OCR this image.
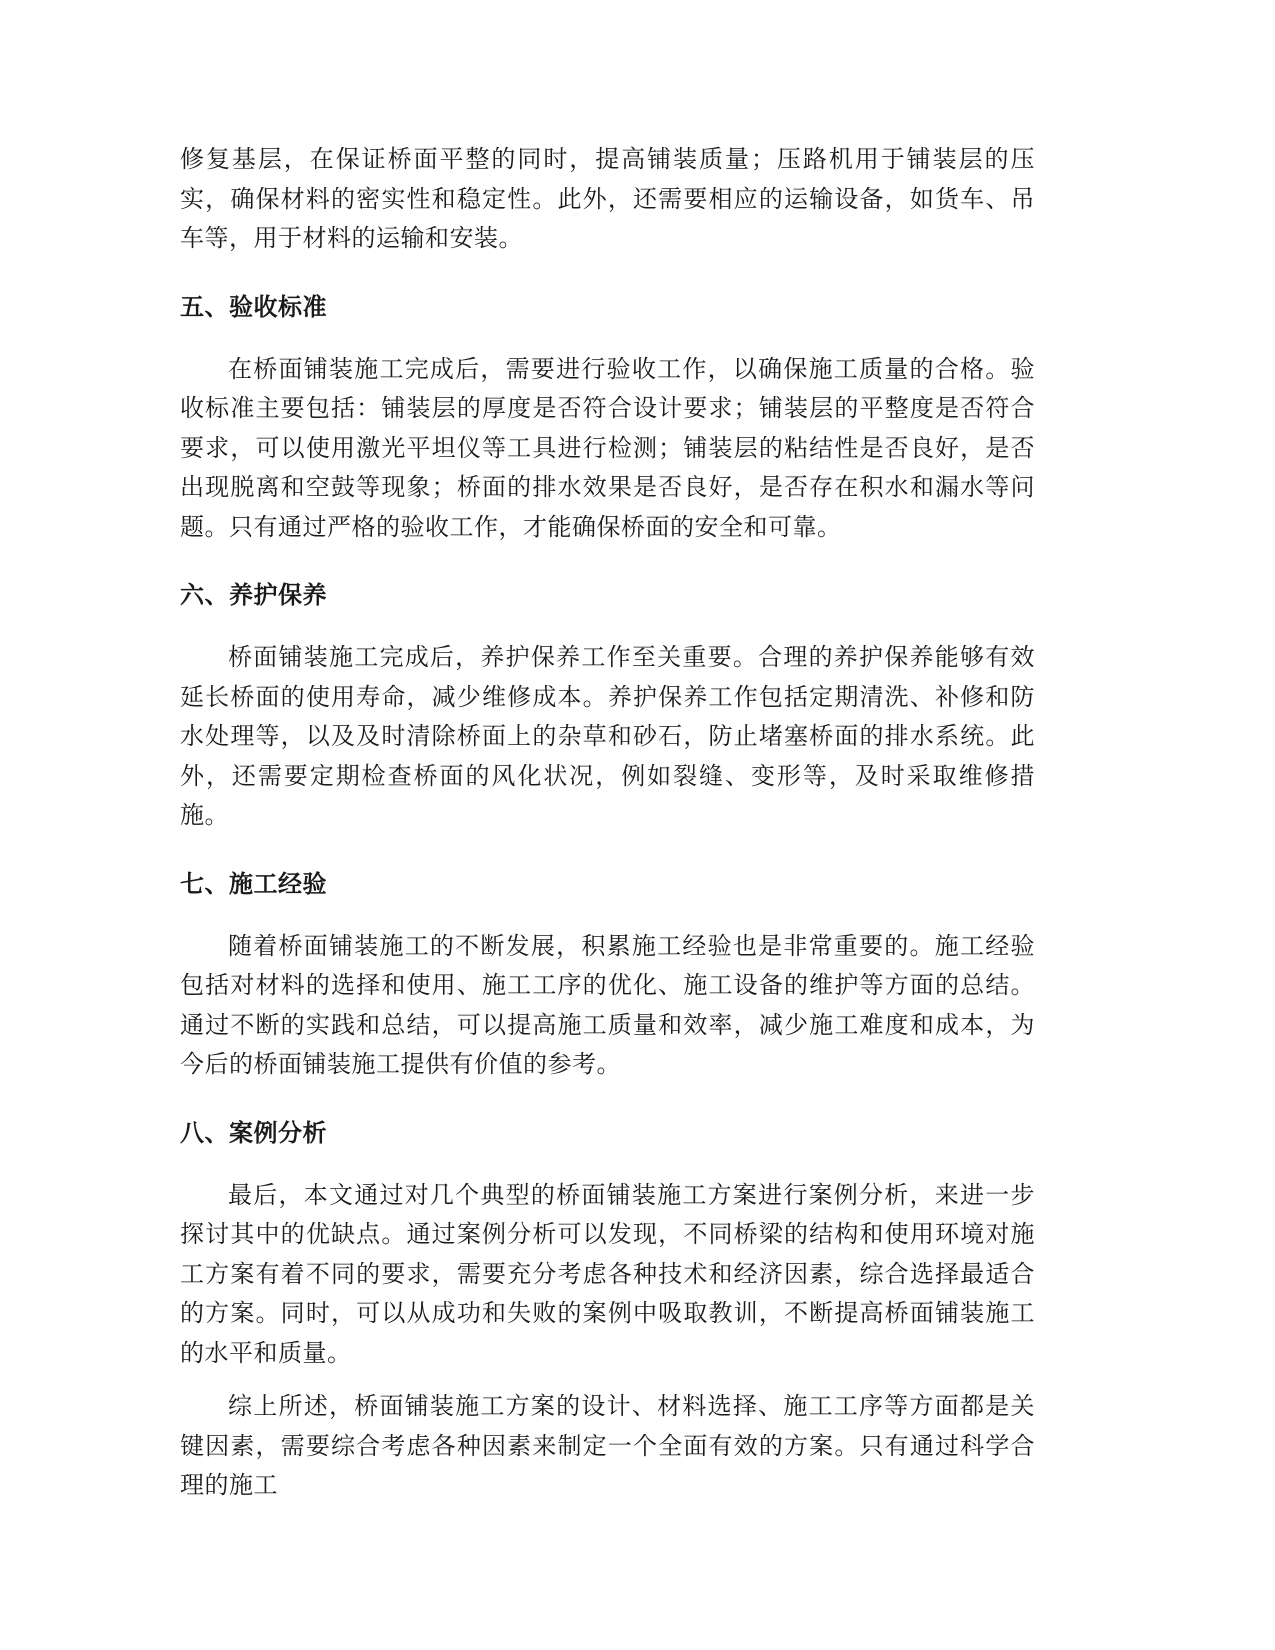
修复基层，在保证桥面平整的同时，提高铺装质量；压路机用于铺装层的压实，确保材料的密实性和稳定性。此外，还需要相应的运输设备，如货车、吊车等，用于材料的运输和安装。

五、验收标准

在桥面铺装施工完成后，需要进行验收工作，以确保施工质量的合格。验收标准主要包括：铺装层的厚度是否符合设计要求；铺装层的平整度是否符合要求，可以使用激光平坦仪等工具进行检测；铺装层的粘结性是否良好，是否出现脱离和空鼓等现象；桥面的排水效果是否良好，是否存在积水和漏水等问题。只有通过严格的验收工作，才能确保桥面的安全和可靠。

六、养护保养

桥面铺装施工完成后，养护保养工作至关重要。合理的养护保养能够有效延长桥面的使用寿命，减少维修成本。养护保养工作包括定期清洗、补修和防水处理等，以及及时清除桥面上的杂草和砂石，防止堵塞桥面的排水系统。此外，还需要定期检查桥面的风化状况，例如裂缝、变形等，及时采取维修措施。

七、施工经验

随着桥面铺装施工的不断发展，积累施工经验也是非常重要的。施工经验包括对材料的选择和使用、施工工序的优化、施工设备的维护等方面的总结。通过不断的实践和总结，可以提高施工质量和效率，减少施工难度和成本，为今后的桥面铺装施工提供有价值的参考。

八、案例分析

最后，本文通过对几个典型的桥面铺装施工方案进行案例分析，来进一步探讨其中的优缺点。通过案例分析可以发现，不同桥梁的结构和使用环境对施工方案有着不同的要求，需要充分考虑各种技术和经济因素，综合选择最适合的方案。同时，可以从成功和失败的案例中吸取教训，不断提高桥面铺装施工的水平和质量。

综上所述，桥面铺装施工方案的设计、材料选择、施工工序等方面都是关键因素，需要综合考虑各种因素来制定一个全面有效的方案。只有通过科学合理的施工
